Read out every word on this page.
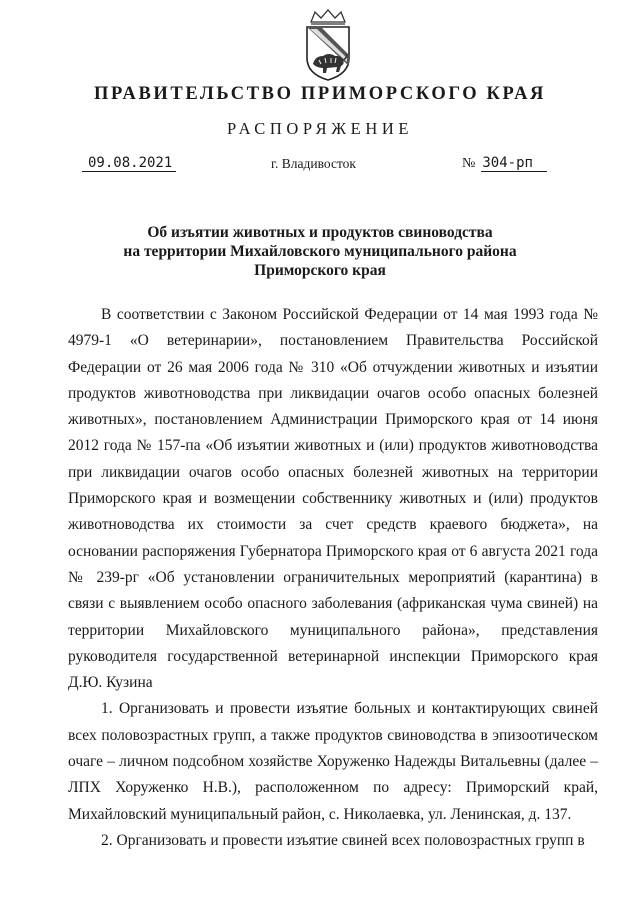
ПРАВИТЕЛЬСТВО ПРИМОРСКОГО КРАЯ
РАСПОРЯЖЕНИЕ
09.08.2021	г. Владивосток	№ 304-рп
Об изъятии животных и продуктов свиноводства
на территории Михайловского муниципального района
Приморского края

В соответствии с Законом Российской Федерации от 14 мая 1993 года № 4979-1 «О ветеринарии», постановлением Правительства Российской Федерации от 26 мая 2006 года № 310 «Об отчуждении животных и изъятии продуктов животноводства при ликвидации очагов особо опасных болезней животных», постановлением Администрации Приморского края от 14 июня 2012 года № 157-па «Об изъятии животных и (или) продуктов животноводства при ликвидации очагов особо опасных болезней животных на территории Приморского края и возмещении собственнику животных и (или) продуктов животноводства их стоимости за счет средств краевого бюджета», на основании распоряжения Губернатора Приморского края от 6 августа 2021 года № 239-рг «Об установлении ограничительных мероприятий (карантина) в связи с выявлением особо опасного заболевания (африканская чума свиней) на территории Михайловского муниципального района», представления руководителя государственной ветеринарной инспекции Приморского края Д.Ю. Кузина

1. Организовать и провести изъятие больных и контактирующих свиней всех половозрастных групп, а также продуктов свиноводства в эпизоотическом очаге – личном подсобном хозяйстве Хоруженко Надежды Витальевны (далее – ЛПХ Хоруженко Н.В.), расположенном по адресу: Приморский край, Михайловский муниципальный район, с. Николаевка, ул. Ленинская, д. 137.

2. Организовать и провести изъятие свиней всех половозрастных групп в
